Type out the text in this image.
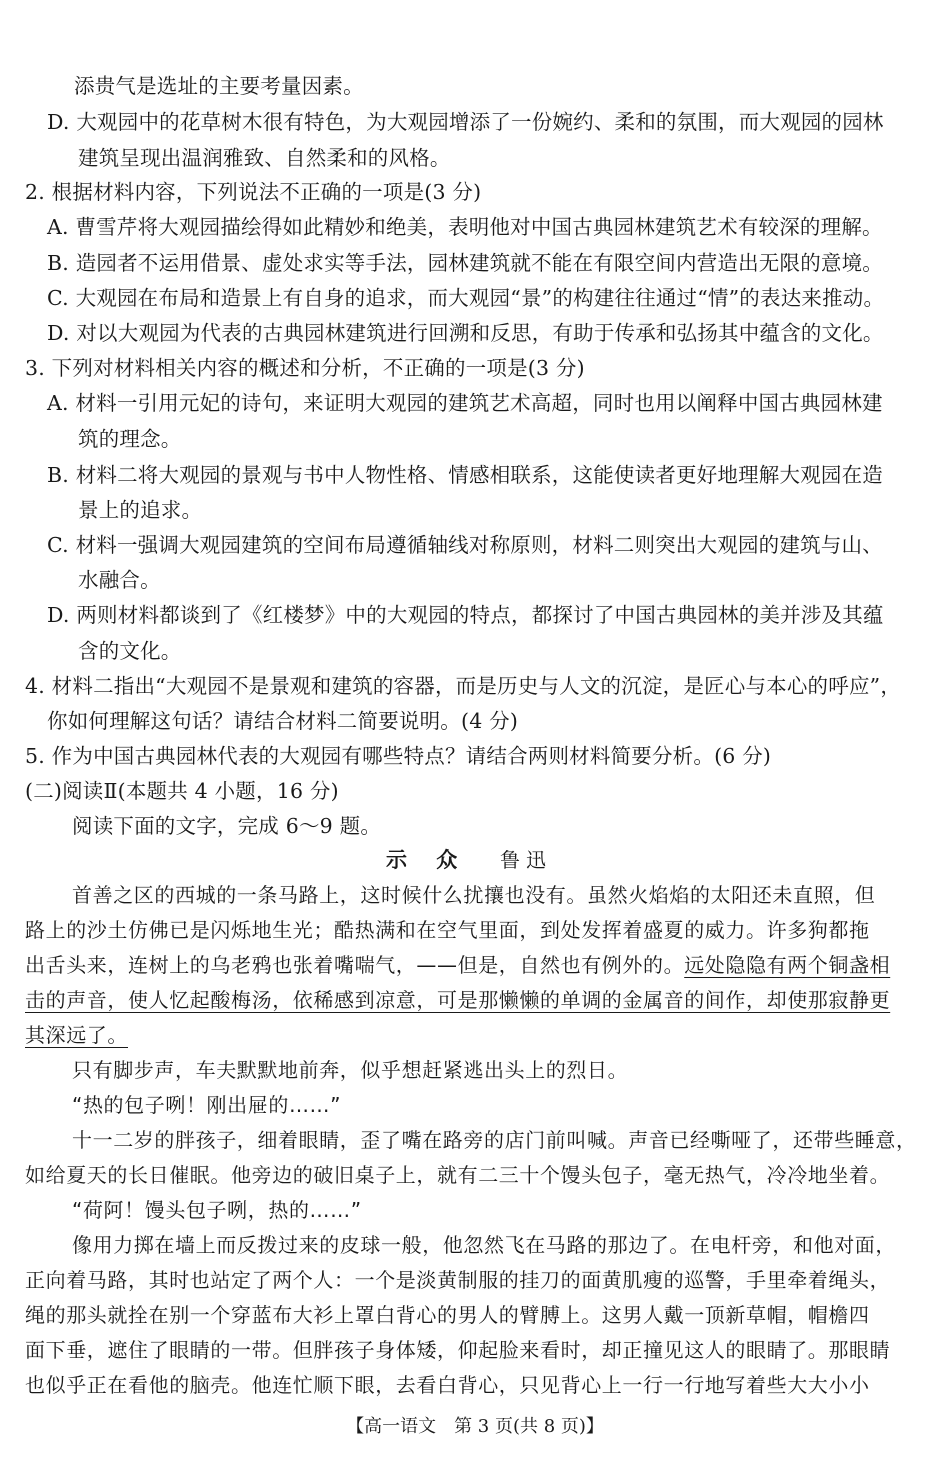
添贵气是选址的主要考量因素。
D. 大观园中的花草树木很有特色，为大观园增添了一份婉约、柔和的氛围，而大观园的园林
建筑呈现出温润雅致、自然柔和的风格。
2. 根据材料内容，下列说法不正确的一项是(3 分)
A. 曹雪芹将大观园描绘得如此精妙和绝美，表明他对中国古典园林建筑艺术有较深的理解。
B. 造园者不运用借景、虚处求实等手法，园林建筑就不能在有限空间内营造出无限的意境。
C. 大观园在布局和造景上有自身的追求，而大观园“景”的构建往往通过“情”的表达来推动。
D. 对以大观园为代表的古典园林建筑进行回溯和反思，有助于传承和弘扬其中蕴含的文化。
3. 下列对材料相关内容的概述和分析，不正确的一项是(3 分)
A. 材料一引用元妃的诗句，来证明大观园的建筑艺术高超，同时也用以阐释中国古典园林建
筑的理念。
B. 材料二将大观园的景观与书中人物性格、情感相联系，这能使读者更好地理解大观园在造
景上的追求。
C. 材料一强调大观园建筑的空间布局遵循轴线对称原则，材料二则突出大观园的建筑与山、
水融合。
D. 两则材料都谈到了《红楼梦》中的大观园的特点，都探讨了中国古典园林的美并涉及其蕴
含的文化。
4. 材料二指出“大观园不是景观和建筑的容器，而是历史与人文的沉淀，是匠心与本心的呼应”，
你如何理解这句话？请结合材料二简要说明。(4 分)
5. 作为中国古典园林代表的大观园有哪些特点？请结合两则材料简要分析。(6 分)
(二)阅读Ⅱ(本题共 4 小题，16 分)
阅读下面的文字，完成 6～9 题。
示    众 鲁迅
首善之区的西城的一条马路上，这时候什么扰攘也没有。虽然火焰焰的太阳还未直照，但
路上的沙土仿佛已是闪烁地生光；酷热满和在空气里面，到处发挥着盛夏的威力。许多狗都拖
出舌头来，连树上的乌老鸦也张着嘴喘气，——但是，自然也有例外的。远处隐隐有两个铜盏相
击的声音，使人忆起酸梅汤，依稀感到凉意，可是那懒懒的单调的金属音的间作，却使那寂静更
其深远了。
只有脚步声，车夫默默地前奔，似乎想赶紧逃出头上的烈日。
“热的包子咧！刚出屉的……”
十一二岁的胖孩子，细着眼睛，歪了嘴在路旁的店门前叫喊。声音已经嘶哑了，还带些睡意，
如给夏天的长日催眠。他旁边的破旧桌子上，就有二三十个馒头包子，毫无热气，冷冷地坐着。
“荷阿！馒头包子咧，热的……”
像用力掷在墙上而反拨过来的皮球一般，他忽然飞在马路的那边了。在电杆旁，和他对面，
正向着马路，其时也站定了两个人：一个是淡黄制服的挂刀的面黄肌瘦的巡警，手里牵着绳头，
绳的那头就拴在别一个穿蓝布大衫上罩白背心的男人的臂膊上。这男人戴一顶新草帽，帽檐四
面下垂，遮住了眼睛的一带。但胖孩子身体矮，仰起脸来看时，却正撞见这人的眼睛了。那眼睛
也似乎正在看他的脑壳。他连忙顺下眼，去看白背心，只见背心上一行一行地写着些大大小小
【高一语文　第 3 页(共 8 页)】
